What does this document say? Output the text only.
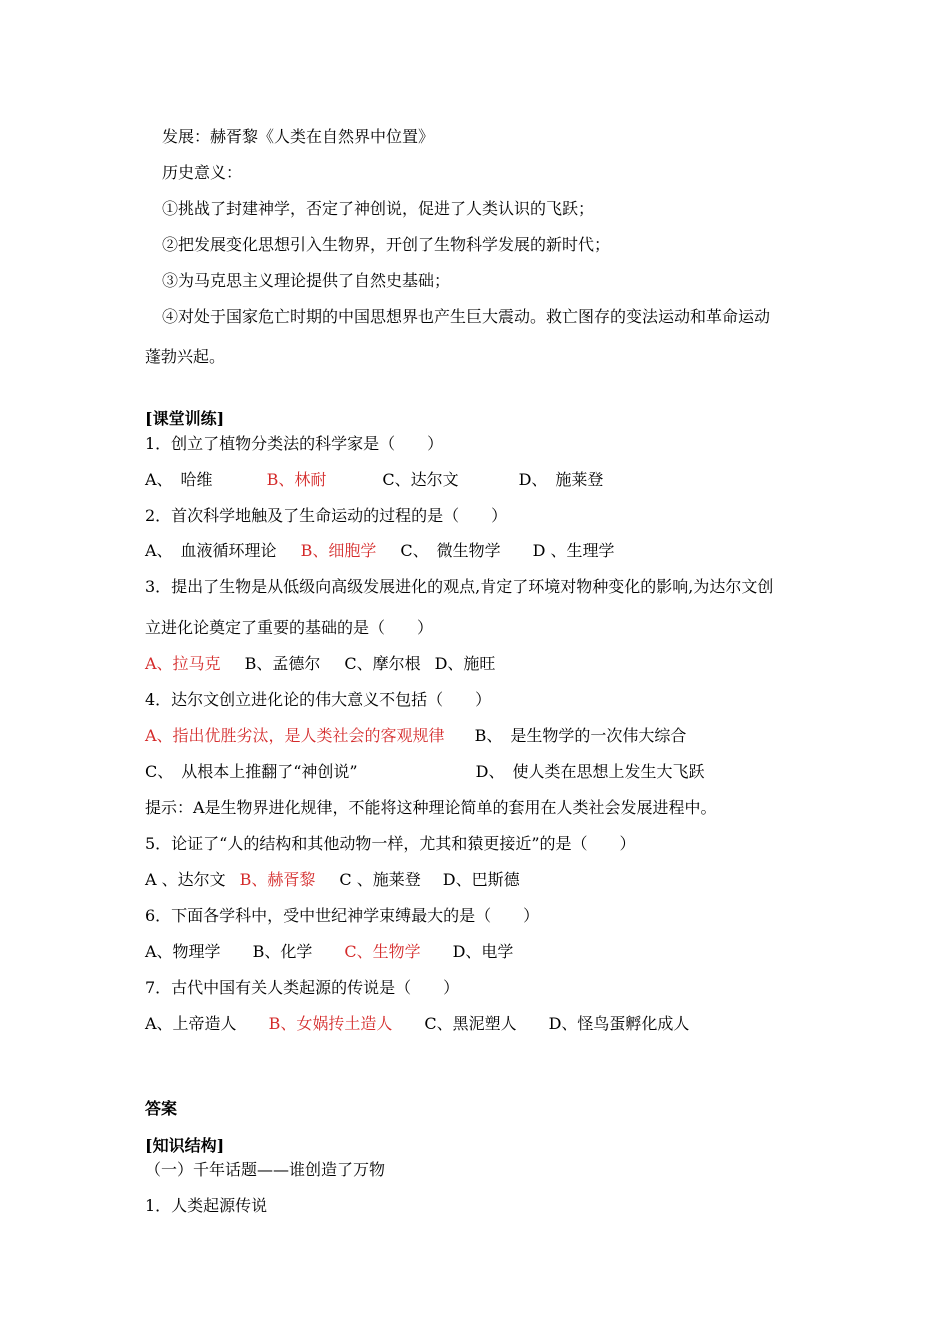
发展：赫胥黎《人类在自然界中位置》
历史意义：
①挑战了封建神学，否定了神创说，促进了人类认识的飞跃；
②把发展变化思想引入生物界，开创了生物科学发展的新时代；
③为马克思主义理论提供了自然史基础；
④对处于国家危亡时期的中国思想界也产生巨大震动。救亡图存的变法运动和革命运动
蓬勃兴起。
[课堂训练]
1．创立了植物分类法的科学家是（　　）
A、　哈维	B、林耐	C、达尔文	D、　施莱登
2．首次科学地触及了生命运动的过程的是（　　）
A、　血液循环理论 B、细胞学 C、　微生物学 D 、生理学
3．提出了生物是从低级向高级发展进化的观点,肯定了环境对物种变化的影响,为达尔文创
立进化论奠定了重要的基础的是（　　）
A、拉马克 B、孟德尔 C、摩尔根 D、施旺
4．达尔文创立进化论的伟大意义不包括（　　）
A、指出优胜劣汰，是人类社会的客观规律 B、　是生物学的一次伟大综合
C、　从根本上推翻了“神创说”	D、　使人类在思想上发生大飞跃
提示：A是生物界进化规律，不能将这种理论简单的套用在人类社会发展进程中。
5．论证了“人的结构和其他动物一样，尤其和猿更接近”的是（　　）
A 、达尔文 B、赫胥黎 C 、施莱登 D、巴斯德
6．下面各学科中，受中世纪神学束缚最大的是（　　）
A、物理学 B、化学 C、生物学 D、电学
7．古代中国有关人类起源的传说是（　　）
A、上帝造人 B、女娲抟土造人 C、黑泥塑人 D、怪鸟蛋孵化成人
答案
[知识结构]
（一）千年话题——谁创造了万物
1．人类起源传说
